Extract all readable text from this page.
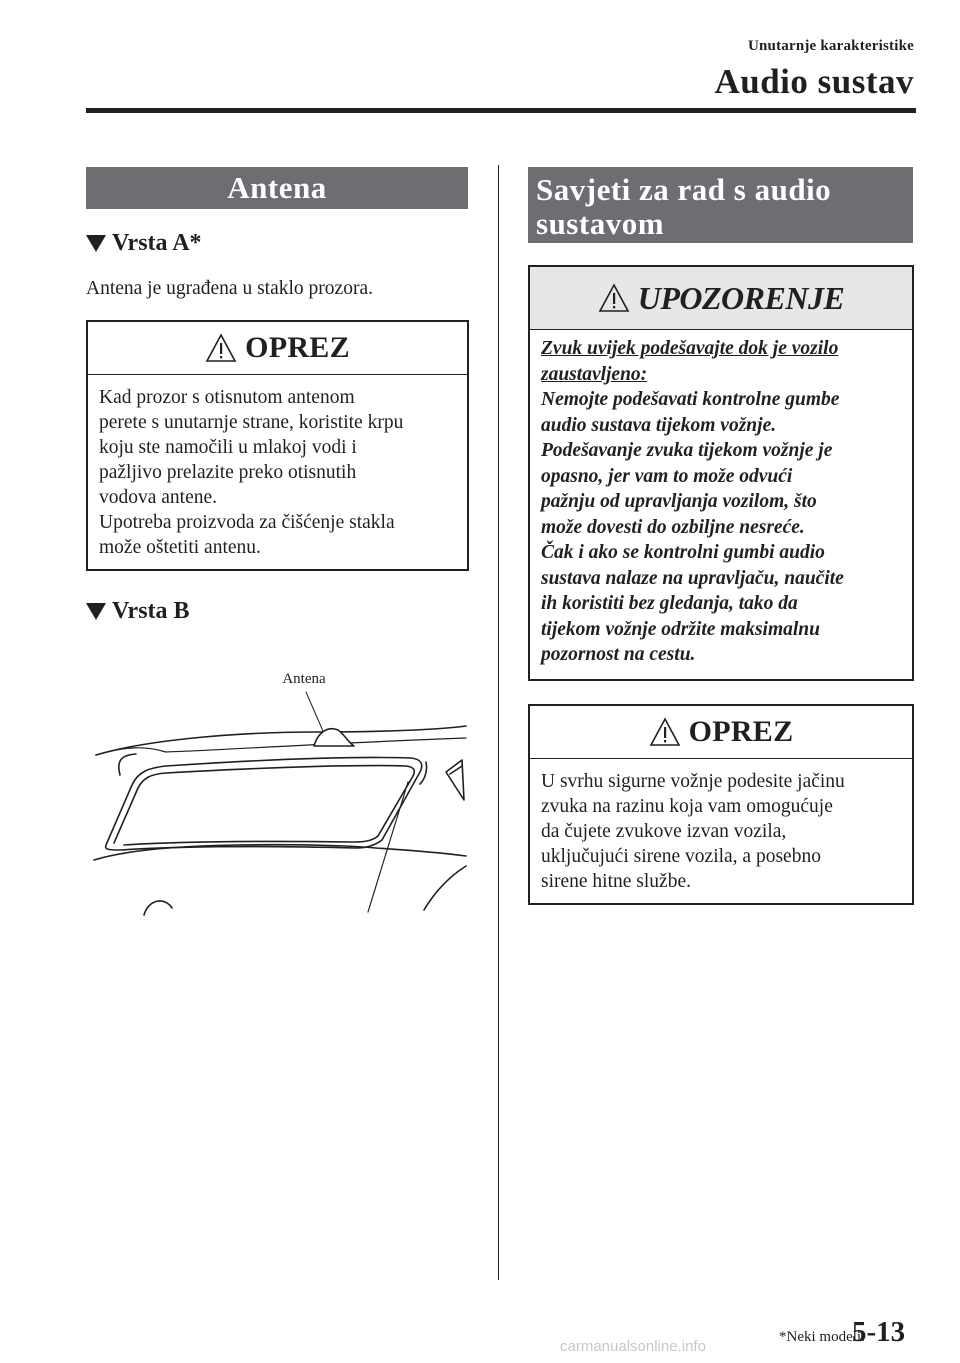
Unutarnje karakteristike
Audio sustav
Antena
Vrsta A*
Antena je ugrađena u staklo prozora.
OPREZ
Kad prozor s otisnutom antenom
perete s unutarnje strane, koristite krpu
koju ste namočili u mlakoj vodi i
pažljivo prelazite preko otisnutih
vodova antene.
Upotreba proizvoda za čišćenje stakla
može oštetiti antenu.
Vrsta B
Antena
Savjeti za rad s audio
sustavom
UPOZORENJE
Zvuk uvijek podešavajte dok je vozilo
zaustavljeno:
Nemojte podešavati kontrolne gumbe
audio sustava tijekom vožnje.
Podešavanje zvuka tijekom vožnje je
opasno, jer vam to može odvući
pažnju od upravljanja vozilom, što
može dovesti do ozbiljne nesreće.
Čak i ako se kontrolni gumbi audio
sustava nalaze na upravljaču, naučite
ih koristiti bez gledanja, tako da
tijekom vožnje održite maksimalnu
pozornost na cestu.
OPREZ
U svrhu sigurne vožnje podesite jačinu
zvuka na razinu koja vam omogućuje
da čujete zvukove izvan vozila,
uključujući sirene vozila, a posebno
sirene hitne službe.
*Neki modeli.
5-13
carmanualsonline.info
